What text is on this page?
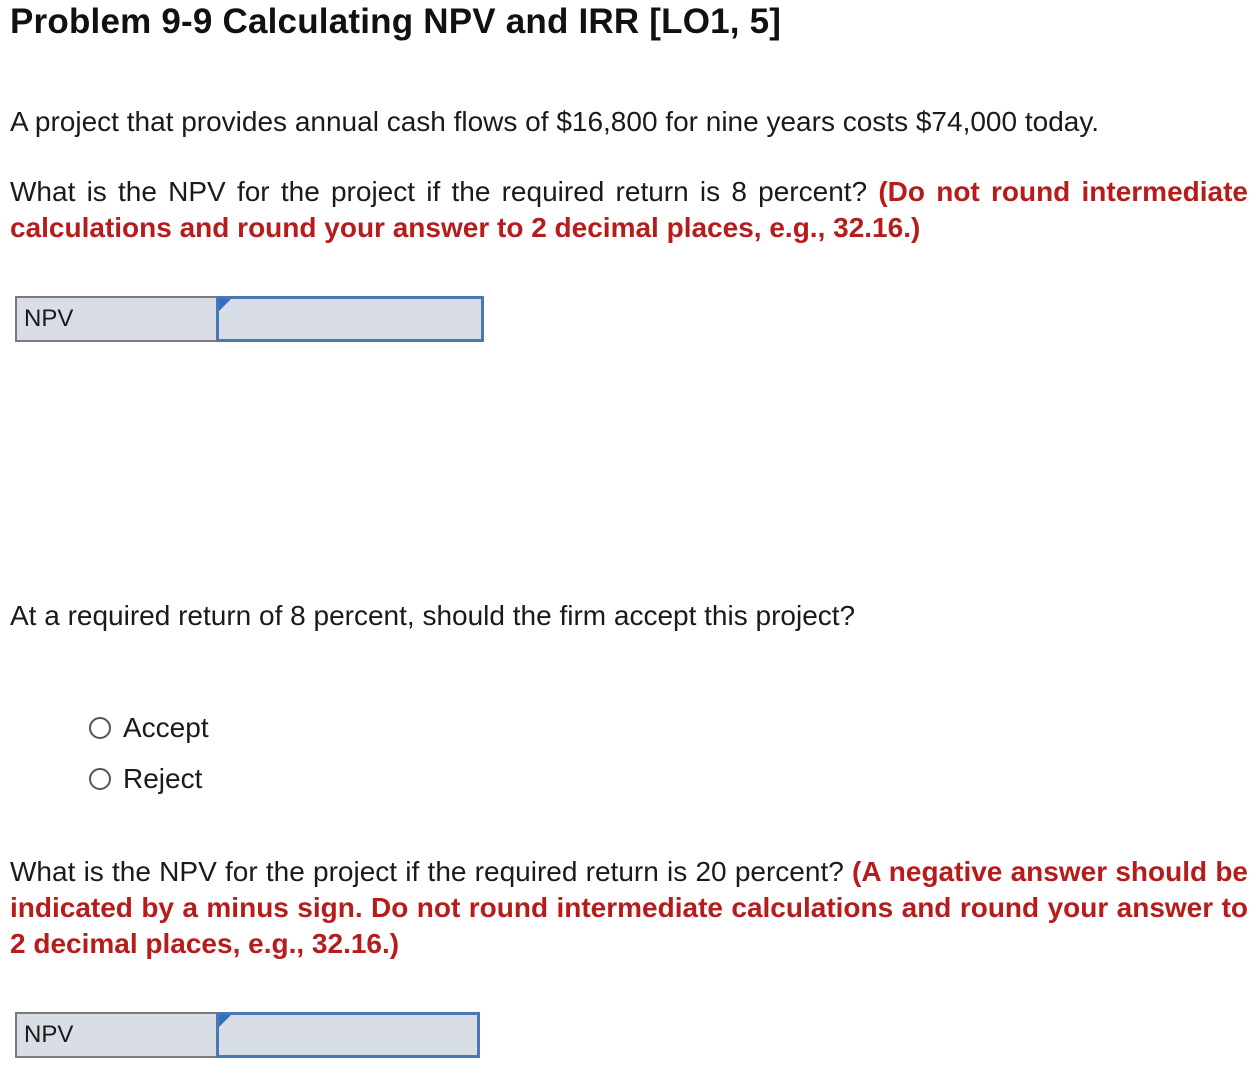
Problem 9-9 Calculating NPV and IRR [LO1, 5]
A project that provides annual cash flows of $16,800 for nine years costs $74,000 today.
What is the NPV for the project if the required return is 8 percent? (Do not round intermediate calculations and round your answer to 2 decimal places, e.g., 32.16.)
NPV
At a required return of 8 percent, should the firm accept this project?
Accept
Reject
What is the NPV for the project if the required return is 20 percent? (A negative answer should be indicated by a minus sign. Do not round intermediate calculations and round your answer to 2 decimal places, e.g., 32.16.)
NPV
